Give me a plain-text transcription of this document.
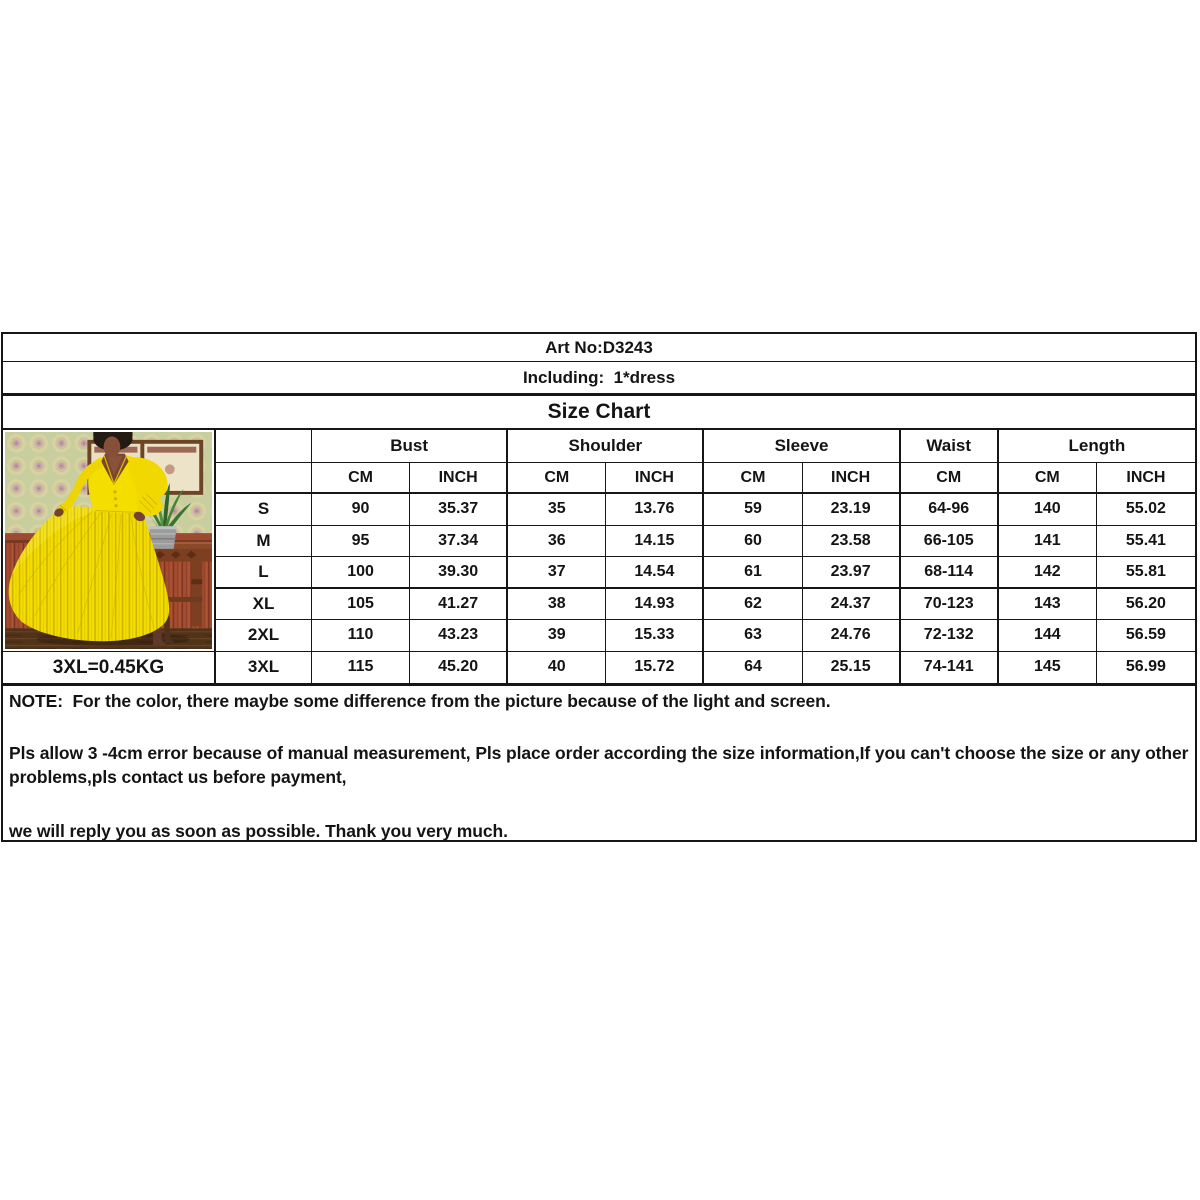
Art No:D3243
Including:  1*dress
Size Chart
3XL=0.45KG
Bust	Shoulder	Sleeve	Waist	Length
CM	INCH	CM	INCH	CM	INCH	CM	CM	INCH
S	90	35.37	35	13.76	59	23.19	64-96	140	55.02
M	95	37.34	36	14.15	60	23.58	66-105	141	55.41
L	100	39.30	37	14.54	61	23.97	68-114	142	55.81
XL	105	41.27	38	14.93	62	24.37	70-123	143	56.20
2XL	110	43.23	39	15.33	63	24.76	72-132	144	56.59
3XL	115	45.20	40	15.72	64	25.15	74-141	145	56.99
NOTE:  For the color, there maybe some difference from the picture because of the light and screen.
Pls allow 3 -4cm error because of manual measurement, Pls place order according the size information,If you can't choose the size or any other
problems,pls contact us before payment,
we will reply you as soon as possible. Thank you very much.
